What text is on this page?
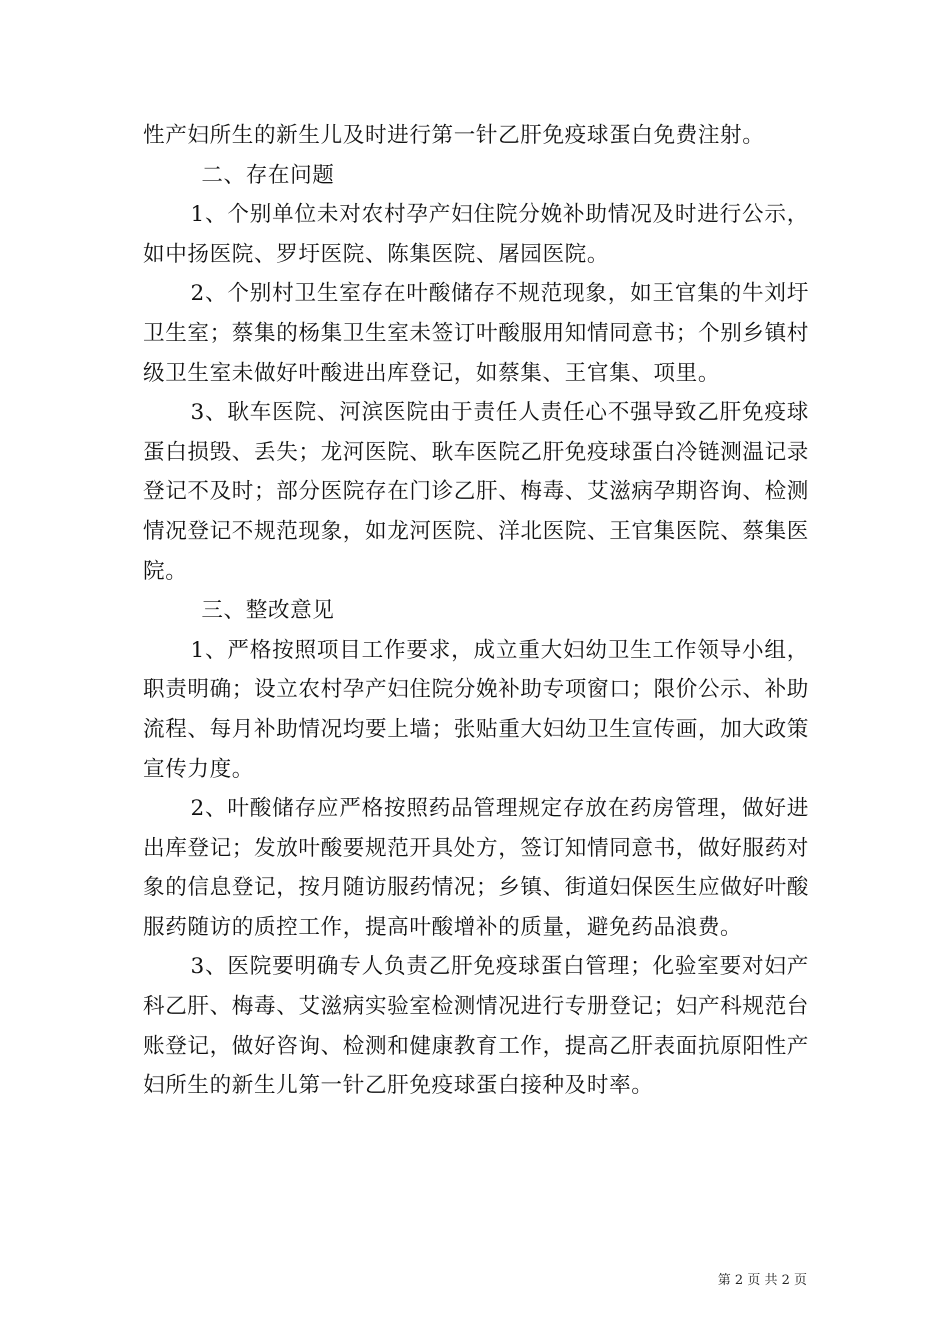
性产妇所生的新生儿及时进行第一针乙肝免疫球蛋白免费注射。

二、存在问题

1、个别单位未对农村孕产妇住院分娩补助情况及时进行公示，如中扬医院、罗圩医院、陈集医院、屠园医院。

2、个别村卫生室存在叶酸储存不规范现象，如王官集的牛刘圩卫生室；蔡集的杨集卫生室未签订叶酸服用知情同意书；个别乡镇村级卫生室未做好叶酸进出库登记，如蔡集、王官集、项里。

3、耿车医院、河滨医院由于责任人责任心不强导致乙肝免疫球蛋白损毁、丢失；龙河医院、耿车医院乙肝免疫球蛋白冷链测温记录登记不及时；部分医院存在门诊乙肝、梅毒、艾滋病孕期咨询、检测情况登记不规范现象，如龙河医院、洋北医院、王官集医院、蔡集医院。

三、整改意见

1、严格按照项目工作要求，成立重大妇幼卫生工作领导小组，职责明确；设立农村孕产妇住院分娩补助专项窗口；限价公示、补助流程、每月补助情况均要上墙；张贴重大妇幼卫生宣传画，加大政策宣传力度。

2、叶酸储存应严格按照药品管理规定存放在药房管理，做好进出库登记；发放叶酸要规范开具处方，签订知情同意书，做好服药对象的信息登记，按月随访服药情况；乡镇、街道妇保医生应做好叶酸服药随访的质控工作，提高叶酸增补的质量，避免药品浪费。

3、医院要明确专人负责乙肝免疫球蛋白管理；化验室要对妇产科乙肝、梅毒、艾滋病实验室检测情况进行专册登记；妇产科规范台账登记，做好咨询、检测和健康教育工作，提高乙肝表面抗原阳性产妇所生的新生儿第一针乙肝免疫球蛋白接种及时率。

第 2 页 共 2 页
